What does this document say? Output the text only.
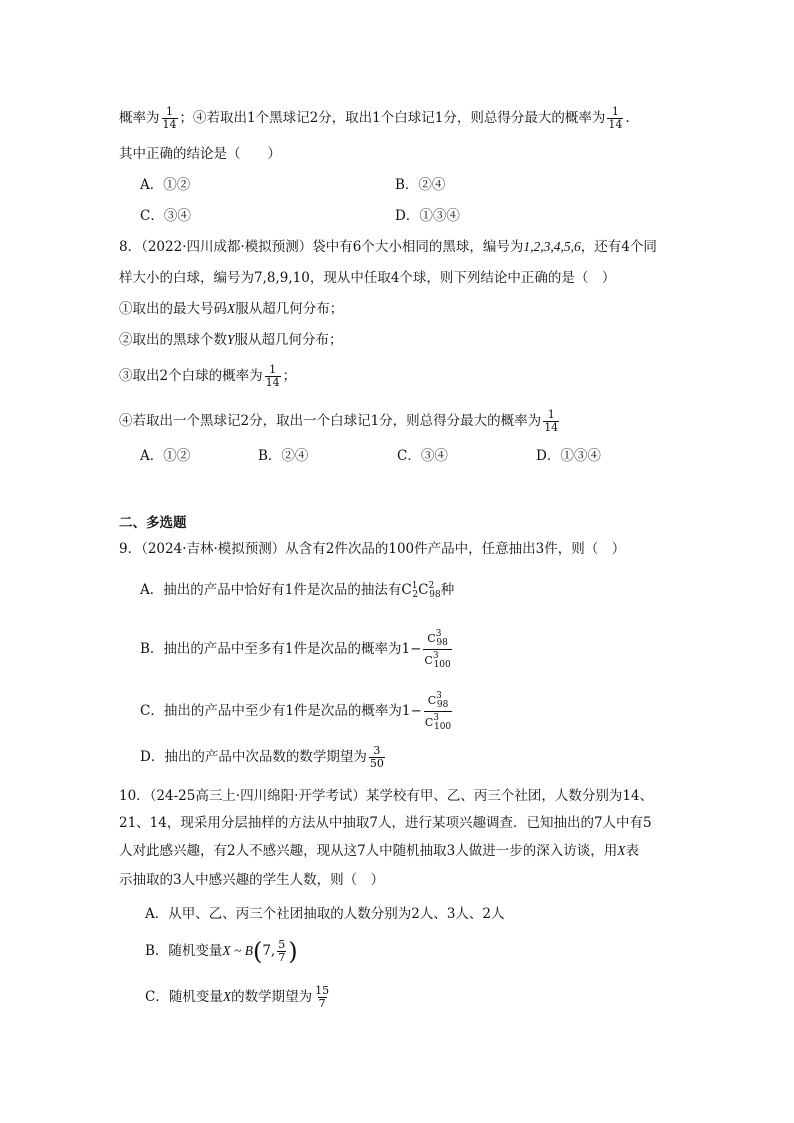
概率为 $\frac{1}{14}$ ；④若取出1个黑球记2分，取出1个白球记1分，则总得分最大的概率为 $\frac{1}{14}$ .
其中正确的结论是（　　）
A．①②	B．②④
C．③④	D．①③④
8．（2022·四川成都·模拟预测）袋中有6个大小相同的黑球，编号为1,2,3,4,5,6，还有4个同
样大小的白球，编号为7,8,9,10，现从中任取4个球，则下列结论中正确的是（　）
①取出的最大号码X服从超几何分布；
②取出的黑球个数Y服从超几何分布；
③取出2个白球的概率为 $\frac{1}{14}$ ；
④若取出一个黑球记2分，取出一个白球记1分，则总得分最大的概率为 $\frac{1}{14}$
A．①②	B．②④	C．③④	D．①③④
二、多选题
9．（2024·吉林·模拟预测）从含有2件次品的100件产品中，任意抽出3件，则（　）
A．抽出的产品中恰好有1件是次品的抽法有$C^1_2C^2_{98}$种
B．抽出的产品中至多有1件是次品的概率为$1- \frac{C^3_{98}}{C^3_{100}}$
C．抽出的产品中至少有1件是次品的概率为$1- \frac{C^3_{98}}{C^3_{100}}$
D．抽出的产品中次品数的数学期望为 $\frac{3}{50}$
10．（24-25高三上·四川绵阳·开学考试）某学校有甲、乙、丙三个社团，人数分别为14、
21、14，现采用分层抽样的方法从中抽取7人，进行某项兴趣调查．已知抽出的7人中有5
人对此感兴趣，有2人不感兴趣，现从这7人中随机抽取3人做进一步的深入访谈，用X表
示抽取的3人中感兴趣的学生人数，则（　）
A．从甲、乙、丙三个社团抽取的人数分别为2人、3人、2人
B．随机变量X ~ B(7, $\frac{5}{7}$ )
C．随机变量X的数学期望为 $\frac{15}{7}$
